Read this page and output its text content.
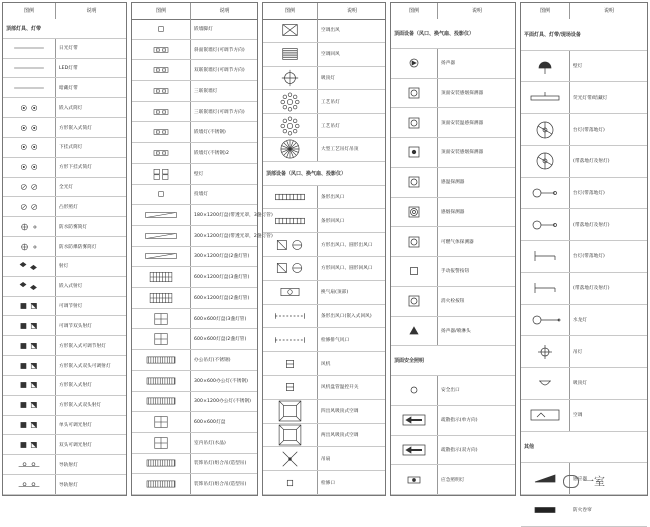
图例	说明
顶部灯具、灯带
日光灯带
LED灯带
暗藏灯带
嵌入式筒灯
方形嵌入式筒灯
下挂式筒灯
方形下挂式筒灯
全光灯
凸形照灯
防水防雾筒灯
防水防爆防雾筒灯
射灯
嵌入式射灯
可调节射灯
可调节双头射灯
方形嵌入式可调节射灯
方形嵌入式双头可调射灯
方形嵌入式射灯
方形嵌入式双头射灯
单头可调光射灯
双头可调光射灯
导轨射灯
导轨射灯
图例	说明
嵌墙脚灯
斜面嵌墙灯(可调节方向)
双联嵌墙灯(可调节方向)
三联嵌墙灯
三联嵌墙灯(可调节方向)
嵌墙灯(不锈钢)
嵌墙灯(不锈钢)2
壁灯
投墙灯
180×1200灯盘(带透光罩，3盏灯管)
300×1200灯盘(带透光罩，2盏灯管)
300×1200灯盘(2盏灯管)
600×1200灯盘(3盏灯管)
600×1200灯盘(2盏灯管)
600×600灯盘(3盏灯管)
600×600灯盘(2盏灯管)
办公吊灯(不锈钢)
300×600办公灯(不锈钢)
300×1200办公灯(不锈钢)
600×600灯盘
室内吊灯(水晶)
装饰吊灯(组合吊/造型吊)
装饰吊灯(组合吊/造型吊)
图例	说明
空调出风
空调回风
吸顶灯
工艺吊灯
工艺吊灯
大型工艺吊灯吊顶
顶部设备（风口、换气扇、投影仪）
条形出风口
条形回风口
方形出风口、圆形出风口
方形回风口、圆形回风口
换气扇(顶部)
条形出风口(嵌入式回风)
检修排气风口
风机
风机盘管温控开关
四出风吸顶式空调
两出风吸顶式空调
吊扇
检修口
图例	说明
顶面设备（风口、换气扇、投影仪）
扬声器
顶面安装感烟探测器
顶面安装温感探测器
顶面安装感烟探测器
感温探测器
感烟探测器
可燃气体探测器
手动报警按钮
消火栓按钮
扬声器/喷淋头
顶面安全照明
安全出口
疏散指示(单方向)
疏散指示(双方向)
应急照明灯
图例	说明
平面灯具、灯带/现场设备
壁灯
荧光灯带/暗藏灯
台灯(带落地灯)
(带落地灯及射灯)
台灯(带落地灯)
(带落地灯及射灯)
台灯(带落地灯)
(带落地灯及射灯)
水龙灯
吊灯
吸顶灯
空调
其他
感应器
防火卷帘
一室
